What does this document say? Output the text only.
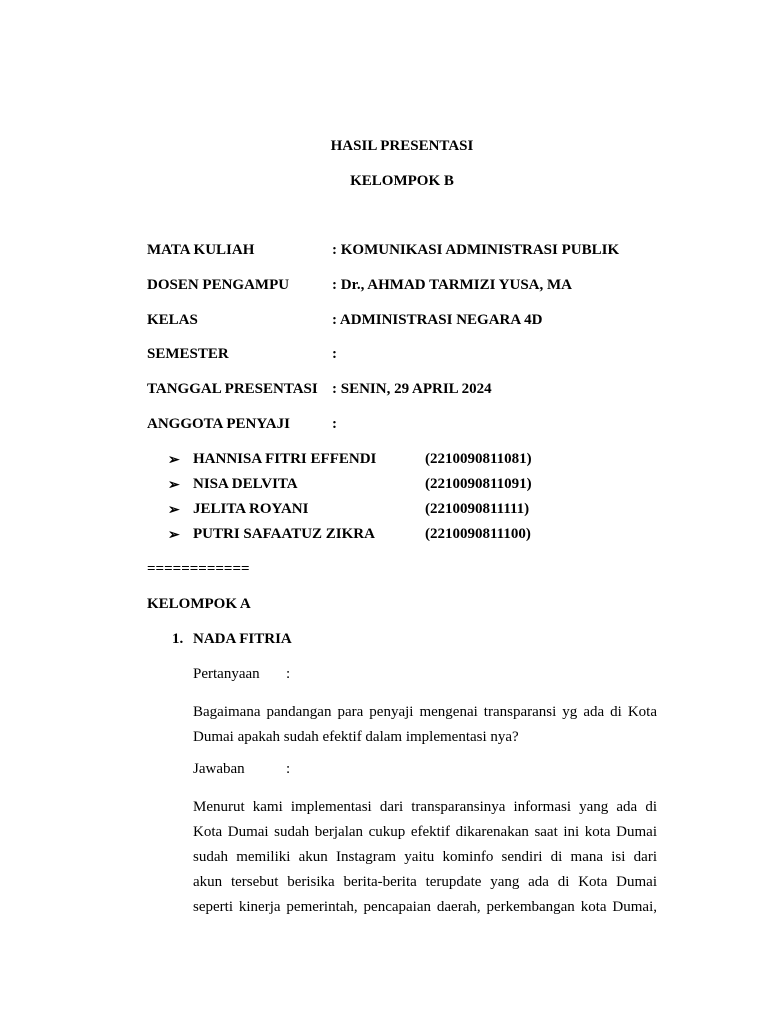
HASIL PRESENTASI
KELOMPOK B
MATA KULIAH	: KOMUNIKASI ADMINISTRASI PUBLIK
DOSEN PENGAMPU	: Dr., AHMAD TARMIZI YUSA, MA
KELAS	: ADMINISTRASI NEGARA 4D
SEMESTER	:
TANGGAL PRESENTASI : SENIN, 29 APRIL 2024
ANGGOTA PENYAJI	:
➢ HANNISA FITRI EFFENDI	(2210090811081)
➢ NISA DELVITA	(2210090811091)
➢ JELITA ROYANI	(2210090811111)
➢ PUTRI SAFAATUZ ZIKRA	(2210090811100)
============
KELOMPOK A
1. NADA FITRIA
Pertanyaan :
Bagaimana pandangan para penyaji mengenai transparansi yg ada di Kota
Dumai apakah sudah efektif dalam implementasi nya?
Jawaban	:
Menurut kami implementasi dari transparansinya informasi yang ada di
Kota Dumai sudah berjalan cukup efektif dikarenakan saat ini kota Dumai
sudah memiliki akun Instagram yaitu kominfo sendiri di mana isi dari
akun tersebut berisika berita-berita terupdate yang ada di Kota Dumai
seperti kinerja pemerintah, pencapaian daerah, perkembangan kota Dumai,
